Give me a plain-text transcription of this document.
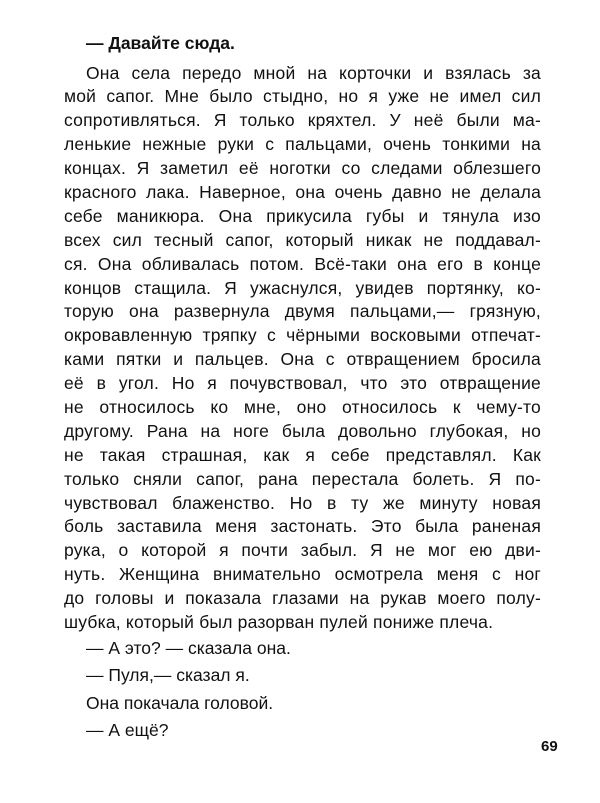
— Давайте сюда.
Она села передо мной на корточки и взялась за
мой сапог. Мне было стыдно, но я уже не имел сил
сопротивляться. Я только кряхтел. У неё были ма-
ленькие нежные руки с пальцами, очень тонкими на
концах. Я заметил её ноготки со следами облезшего
красного лака. Наверное, она очень давно не делала
себе маникюра. Она прикусила губы и тянула изо
всех сил тесный сапог, который никак не поддавал-
ся. Она обливалась потом. Всё-таки она его в конце
концов стащила. Я ужаснулся, увидев портянку, ко-
торую она развернула двумя пальцами,— грязную,
окровавленную тряпку с чёрными восковыми отпечат-
ками пятки и пальцев. Она с отвращением бросила
её в угол. Но я почувствовал, что это отвращение
не относилось ко мне, оно относилось к чему-то
другому. Рана на ноге была довольно глубокая, но
не такая страшная, как я себе представлял. Как
только сняли сапог, рана перестала болеть. Я по-
чувствовал блаженство. Но в ту же минуту новая
боль заставила меня застонать. Это была раненая
рука, о которой я почти забыл. Я не мог ею дви-
нуть. Женщина внимательно осмотрела меня с ног
до головы и показала глазами на рукав моего полу-
шубка, который был разорван пулей пониже плеча.
— А это? — сказала она.
— Пуля,— сказал я.
Она покачала головой.
— А ещё?
69
